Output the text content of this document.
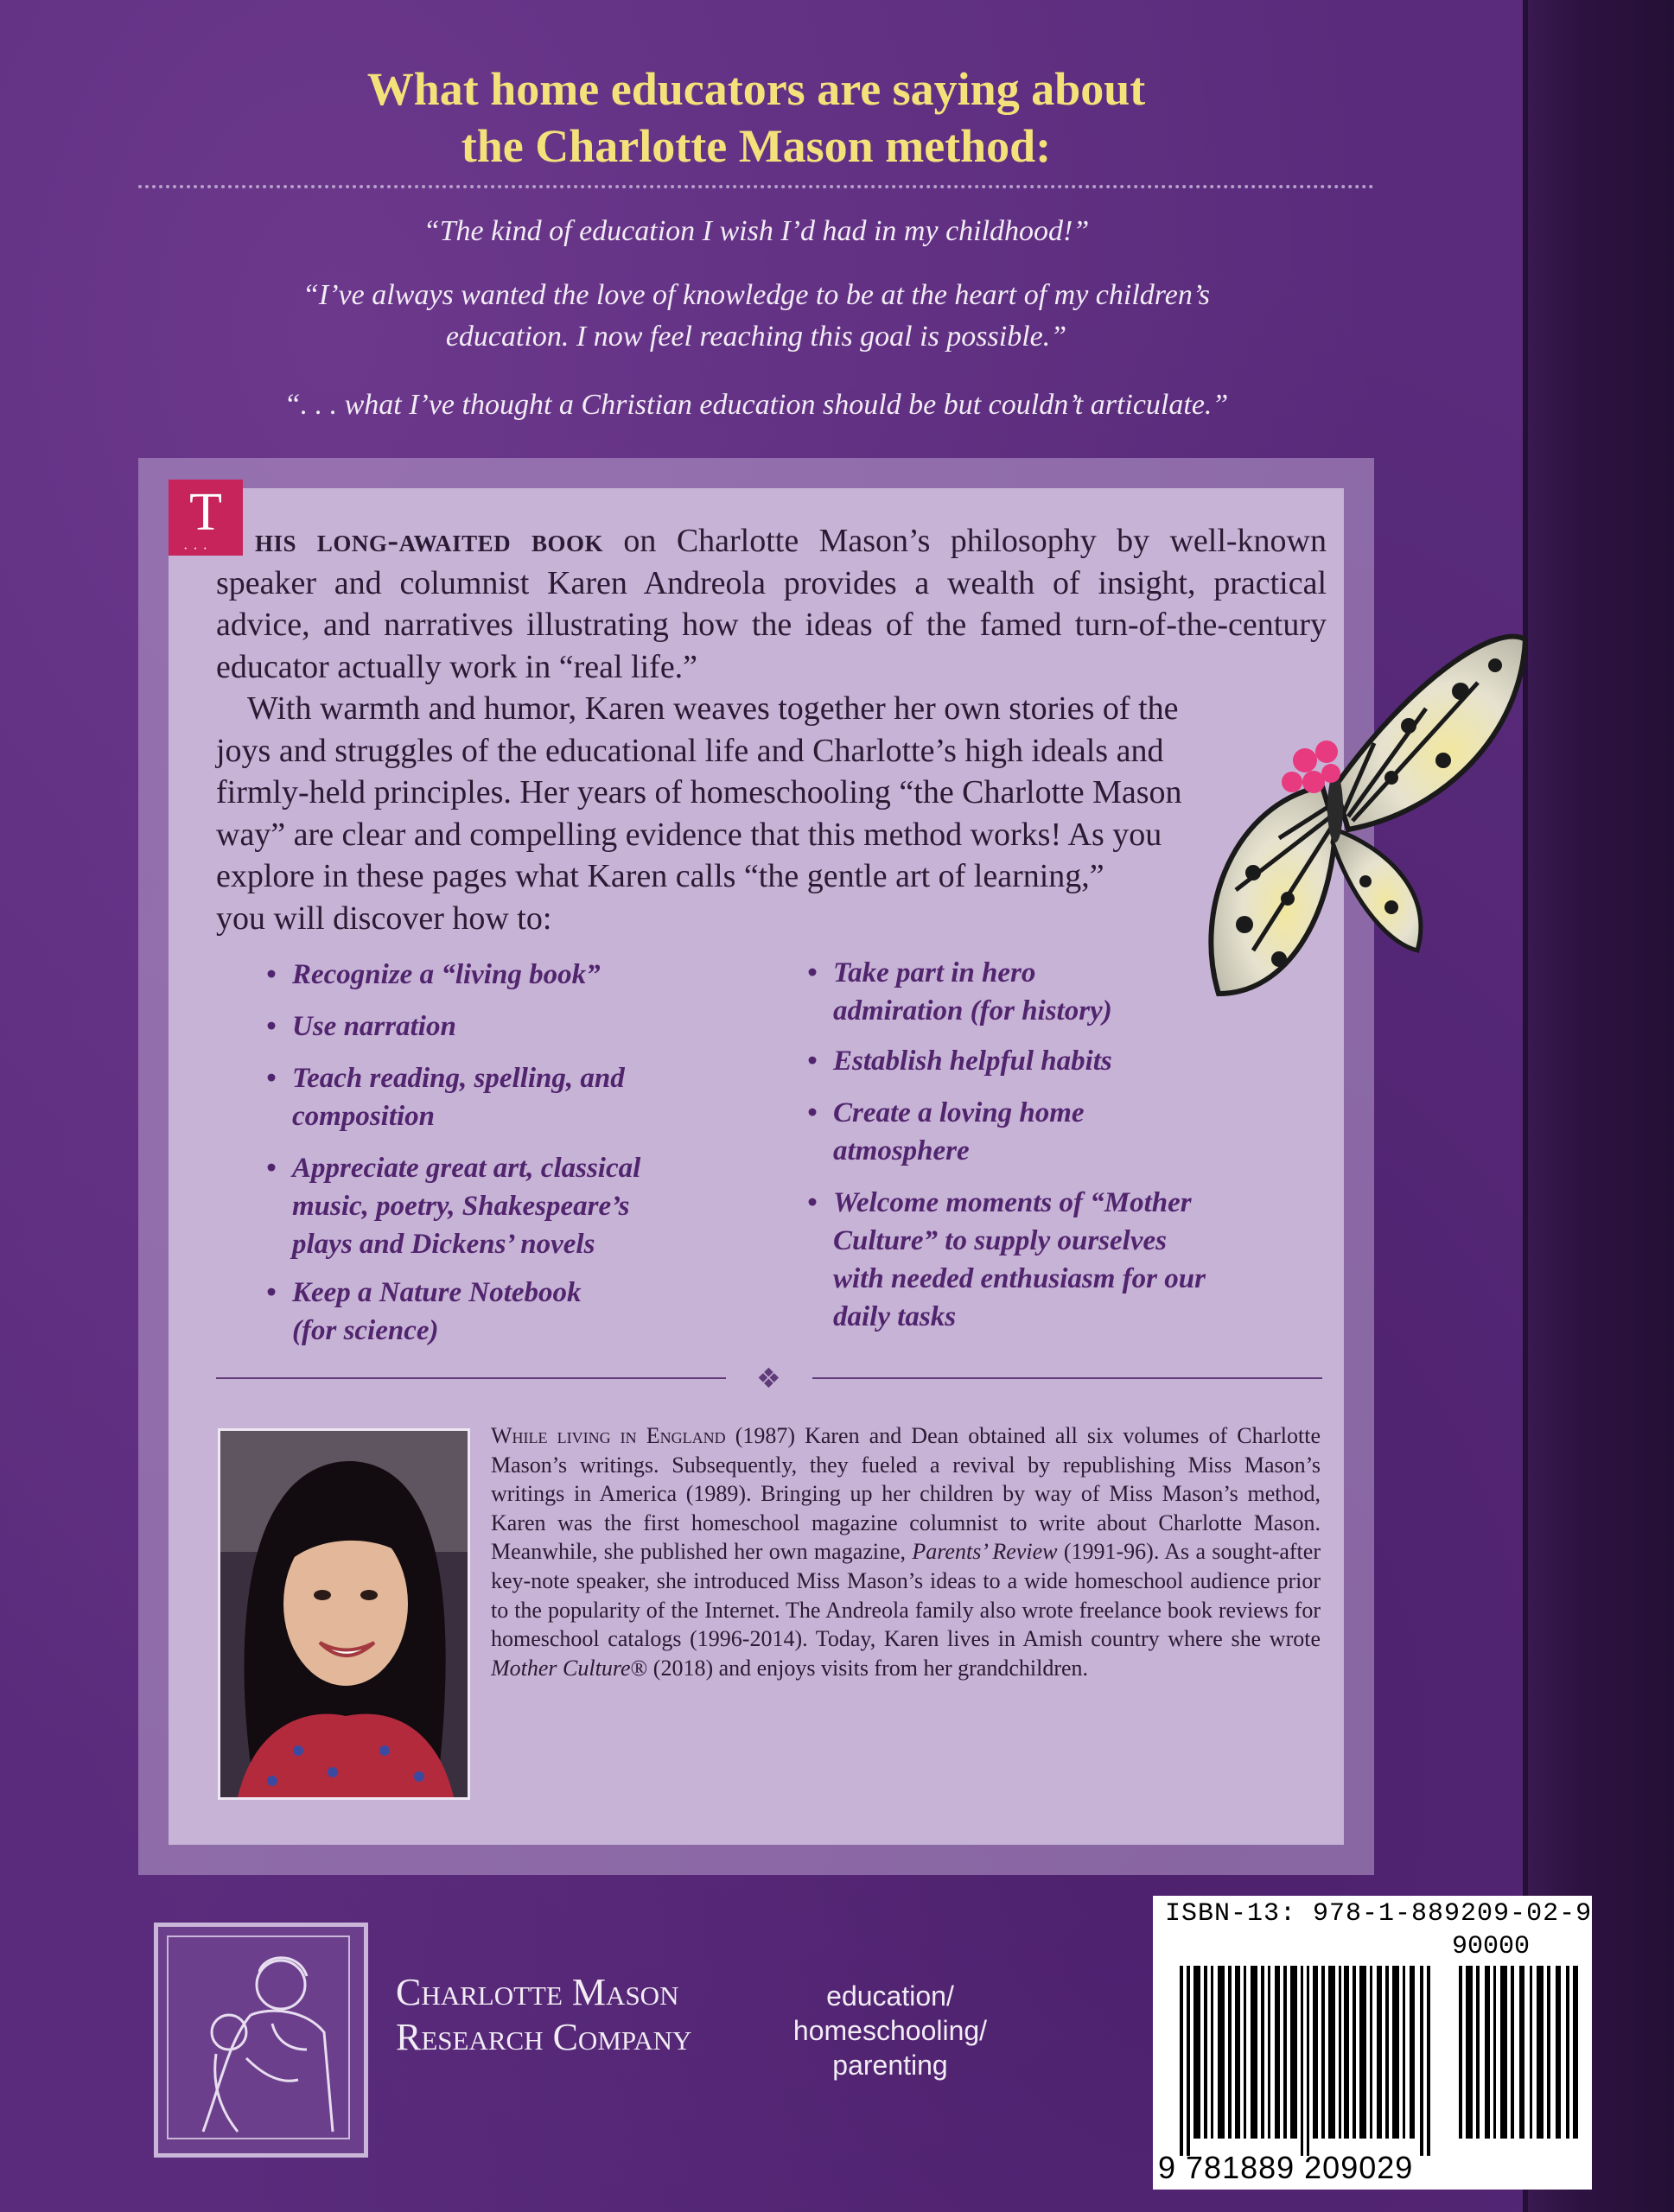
What home educators are saying about
the Charlotte Mason method:

“The kind of education I wish I’d had in my childhood!”

“I’ve always wanted the love of knowledge to be at the heart of my children’s

education. I now feel reaching this goal is possible.”

“. . . what I’ve thought a Christian education should be but couldn’t articulate.”

T
···	his long-awaited book on Charlotte Mason’s philosophy by well-known speaker and columnist Karen Andreola provides a wealth of insight, practical advice, and narratives illustrating how the ideas of the famed turn-of-the-century educator actually work in “real life.”
With warmth and humor, Karen weaves together her own stories of the
joys and struggles of the educational life and Charlotte’s high ideals and
firmly-held principles. Her years of homeschooling “the Charlotte Mason
way” are clear and compelling evidence that this method works! As you
explore in these pages what Karen calls “the gentle art of learning,”
you will discover how to:

• Recognize a “living book”

• Use narration

• Teach reading, spelling, and
composition

• Appreciate great art, classical
music, poetry, Shakespeare’s
plays and Dickens’ novels

• Keep a Nature Notebook
(for science)

• Take part in hero
admiration (for history)

• Establish helpful habits

• Create a loving home
atmosphere

• Welcome moments of “Mother
Culture” to supply ourselves
with needed enthusiasm for our
daily tasks

❖

While living in England (1987) Karen and Dean obtained all six volumes of Charlotte Mason’s writings. Subsequently, they fueled a revival by republishing Miss Mason’s writings in America (1989). Bringing up her children by way of Miss Mason’s method, Karen was the first homeschool magazine columnist to write about Charlotte Mason. Meanwhile, she published her own magazine, Parents’ Review (1991-96). As a sought-after key-note speaker, she introduced Miss Mason’s ideas to a wide homeschool audience prior to the popularity of the Internet. The Andreola family also wrote freelance book reviews for homeschool catalogs (1996-2014). Today, Karen lives in Amish country where she wrote Mother Culture® (2018) and enjoys visits from her grandchildren.

Charlotte Mason
Research Company

education/
homeschooling/
parenting

ISBN-13: 978-1-889209-02-9

90000

9 781889 209029
